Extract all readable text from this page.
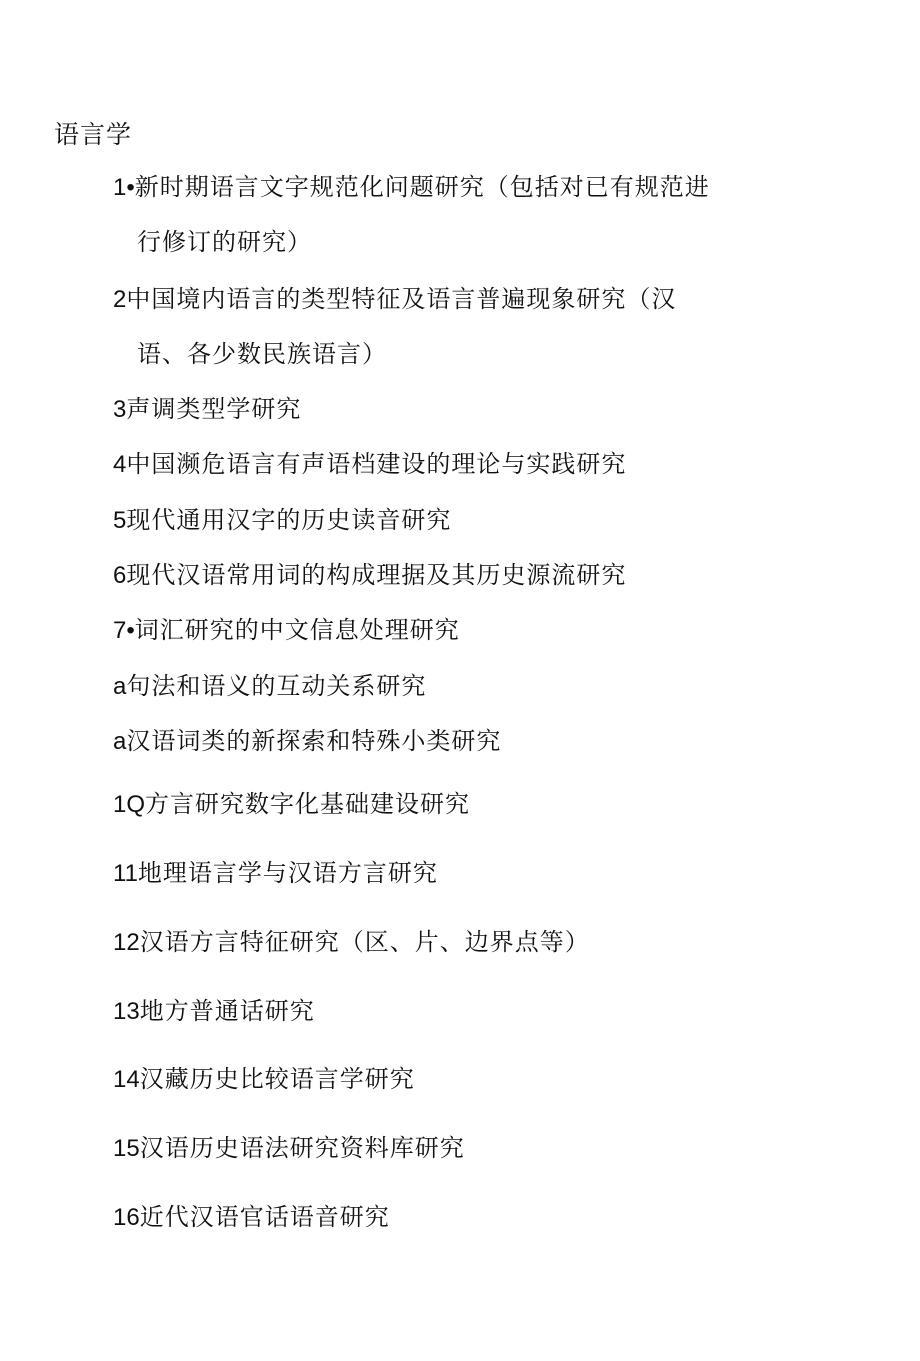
语言学
1•新时期语言文字规范化问题研究（包括对已有规范进
行修订的研究）
2中国境内语言的类型特征及语言普遍现象研究（汉
语、各少数民族语言）
3声调类型学研究
4中国濒危语言有声语档建设的理论与实践研究
5现代通用汉字的历史读音研究
6现代汉语常用词的构成理据及其历史源流研究
7•词汇研究的中文信息处理研究
a句法和语义的互动关系研究
a汉语词类的新探索和特殊小类研究
1Q方言研究数字化基础建设研究
11地理语言学与汉语方言研究
12汉语方言特征研究（区、片、边界点等）
13地方普通话研究
14汉藏历史比较语言学研究
15汉语历史语法研究资料库研究
16近代汉语官话语音研究
